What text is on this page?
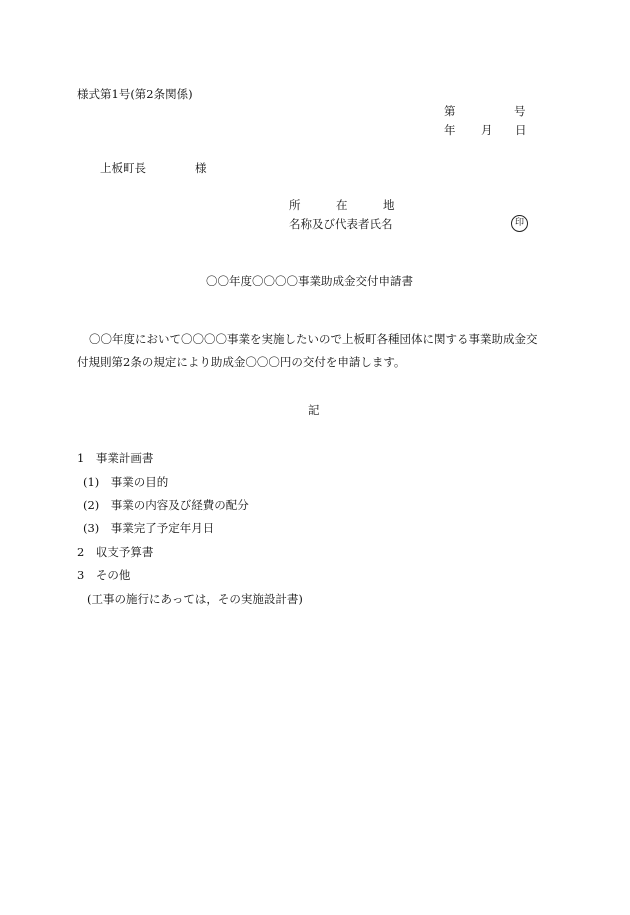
様式第1号(第2条関係)
第	号
年 月 日
上板町長	様
所	在	地
名称及び代表者氏名	印
〇〇年度〇〇〇〇事業助成金交付申請書
〇〇年度において〇〇〇〇事業を実施したいので上板町各種団体に関する事業助成金交
付規則第2条の規定により助成金〇〇〇円の交付を申請します。
記
1　事業計画書
(1)　事業の目的
(2)　事業の内容及び経費の配分
(3)　事業完了予定年月日
2　収支予算書
3　その他
(工事の施行にあっては，その実施設計書)
